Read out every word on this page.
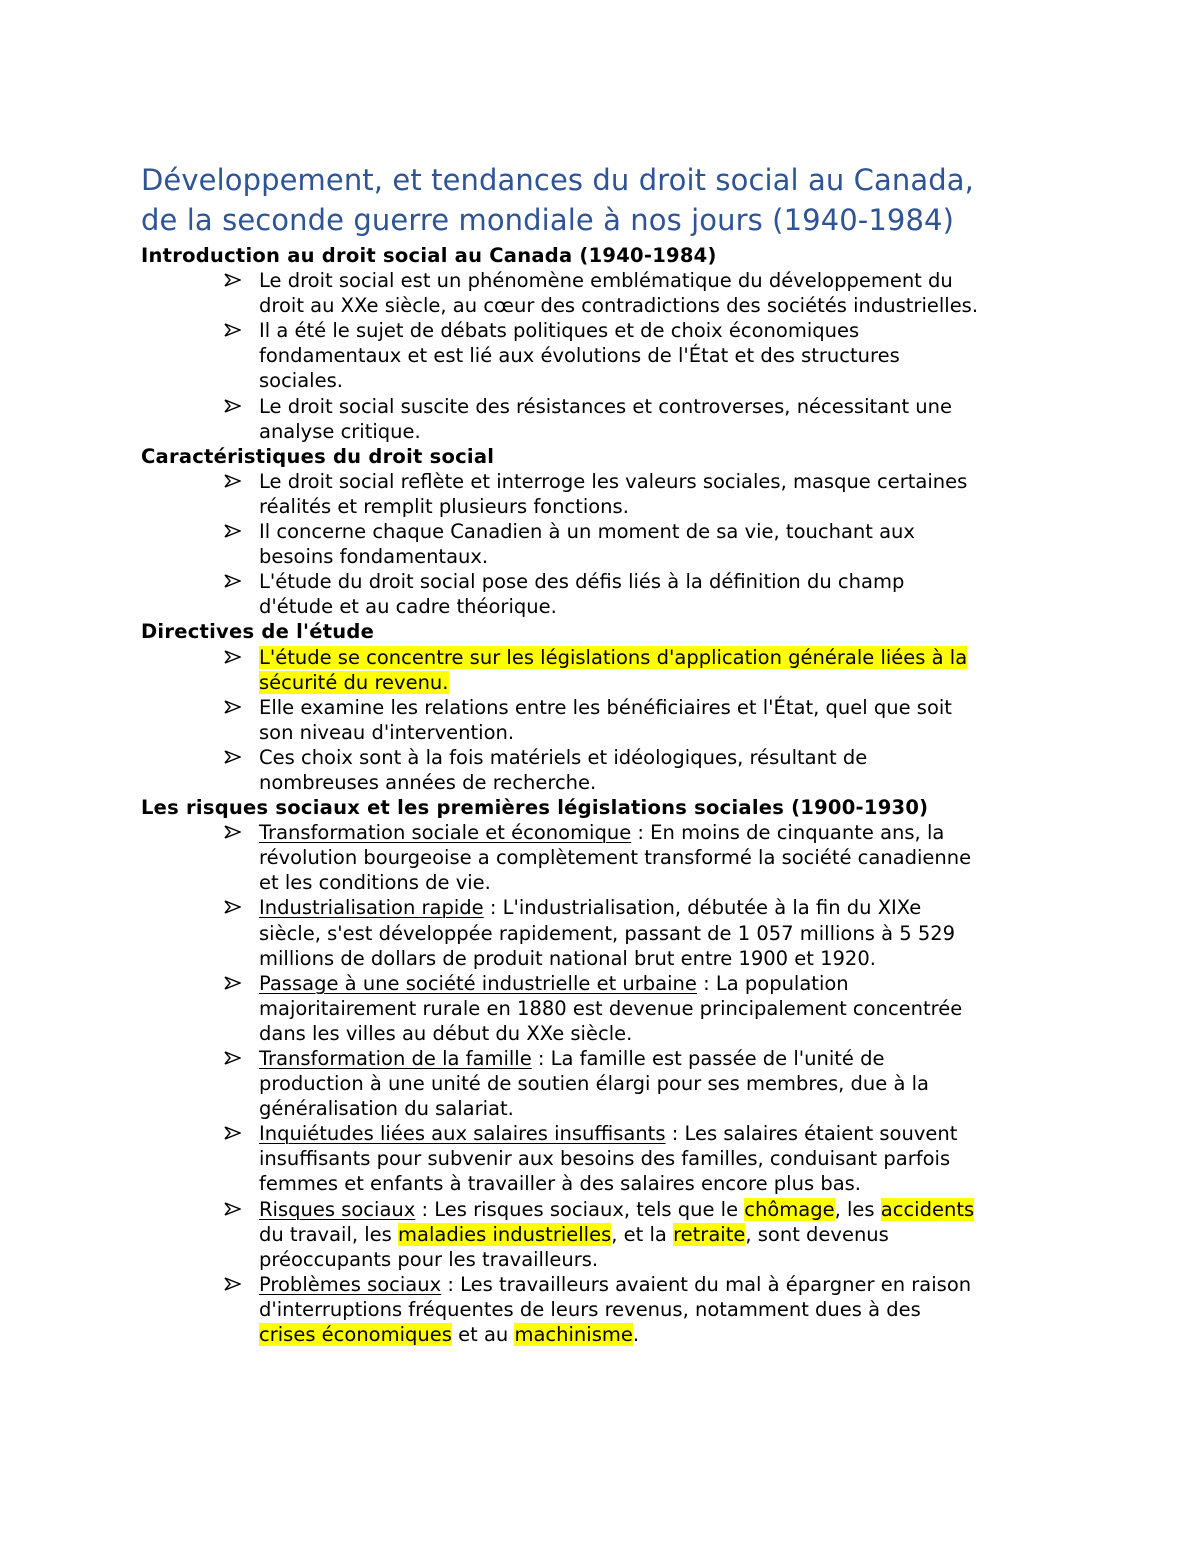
Développement, et tendances du droit social au Canada,
de la seconde guerre mondiale à nos jours (1940-1984)
Introduction au droit social au Canada (1940-1984)
Le droit social est un phénomène emblématique du développement du
droit au XXe siècle, au cœur des contradictions des sociétés industrielles.
Il a été le sujet de débats politiques et de choix économiques
fondamentaux et est lié aux évolutions de l'État et des structures
sociales.
Le droit social suscite des résistances et controverses, nécessitant une
analyse critique.
Caractéristiques du droit social
Le droit social reflète et interroge les valeurs sociales, masque certaines
réalités et remplit plusieurs fonctions.
Il concerne chaque Canadien à un moment de sa vie, touchant aux
besoins fondamentaux.
L'étude du droit social pose des défis liés à la définition du champ
d'étude et au cadre théorique.
Directives de l'étude
L'étude se concentre sur les législations d'application générale liées à la
sécurité du revenu.
Elle examine les relations entre les bénéficiaires et l'État, quel que soit
son niveau d'intervention.
Ces choix sont à la fois matériels et idéologiques, résultant de
nombreuses années de recherche.
Les risques sociaux et les premières législations sociales (1900-1930)
Transformation sociale et économique : En moins de cinquante ans, la
révolution bourgeoise a complètement transformé la société canadienne
et les conditions de vie.
Industrialisation rapide : L'industrialisation, débutée à la fin du XIXe
siècle, s'est développée rapidement, passant de 1 057 millions à 5 529
millions de dollars de produit national brut entre 1900 et 1920.
Passage à une société industrielle et urbaine : La population
majoritairement rurale en 1880 est devenue principalement concentrée
dans les villes au début du XXe siècle.
Transformation de la famille : La famille est passée de l'unité de
production à une unité de soutien élargi pour ses membres, due à la
généralisation du salariat.
Inquiétudes liées aux salaires insuffisants : Les salaires étaient souvent
insuffisants pour subvenir aux besoins des familles, conduisant parfois
femmes et enfants à travailler à des salaires encore plus bas.
Risques sociaux : Les risques sociaux, tels que le chômage, les accidents
du travail, les maladies industrielles, et la retraite, sont devenus
préoccupants pour les travailleurs.
Problèmes sociaux : Les travailleurs avaient du mal à épargner en raison
d'interruptions fréquentes de leurs revenus, notamment dues à des
crises économiques et au machinisme.
